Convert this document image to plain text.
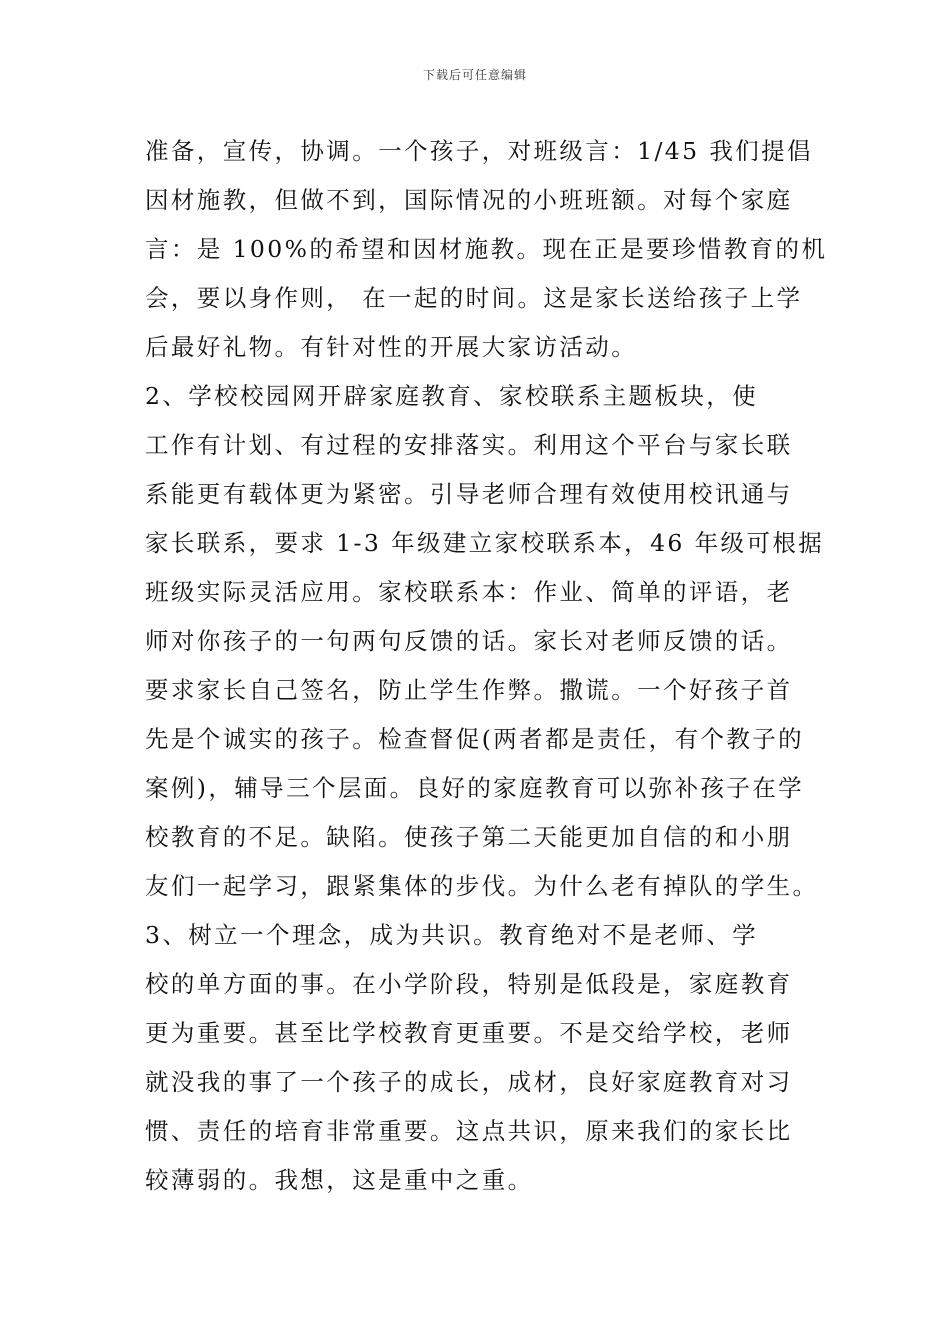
下载后可任意编辑
准备，宣传，协调。一个孩子，对班级言：1/45 我们提倡
因材施教，但做不到，国际情况的小班班额。对每个家庭
言：是 100%的希望和因材施教。现在正是要珍惜教育的机
会，要以身作则， 在一起的时间。这是家长送给孩子上学
后最好礼物。有针对性的开展大家访活动。
2、学校校园网开辟家庭教育、家校联系主题板块，使
工作有计划、有过程的安排落实。利用这个平台与家长联
系能更有载体更为紧密。引导老师合理有效使用校讯通与
家长联系，要求 1-3 年级建立家校联系本，46 年级可根据
班级实际灵活应用。家校联系本：作业、简单的评语，老
师对你孩子的一句两句反馈的话。家长对老师反馈的话。
要求家长自己签名，防止学生作弊。撒谎。一个好孩子首
先是个诚实的孩子。检查督促(两者都是责任，有个教子的
案例)，辅导三个层面。良好的家庭教育可以弥补孩子在学
校教育的不足。缺陷。使孩子第二天能更加自信的和小朋
友们一起学习，跟紧集体的步伐。为什么老有掉队的学生。
3、树立一个理念，成为共识。教育绝对不是老师、学
校的单方面的事。在小学阶段，特别是低段是，家庭教育
更为重要。甚至比学校教育更重要。不是交给学校，老师
就没我的事了一个孩子的成长，成材，良好家庭教育对习
惯、责任的培育非常重要。这点共识，原来我们的家长比
较薄弱的。我想，这是重中之重。
